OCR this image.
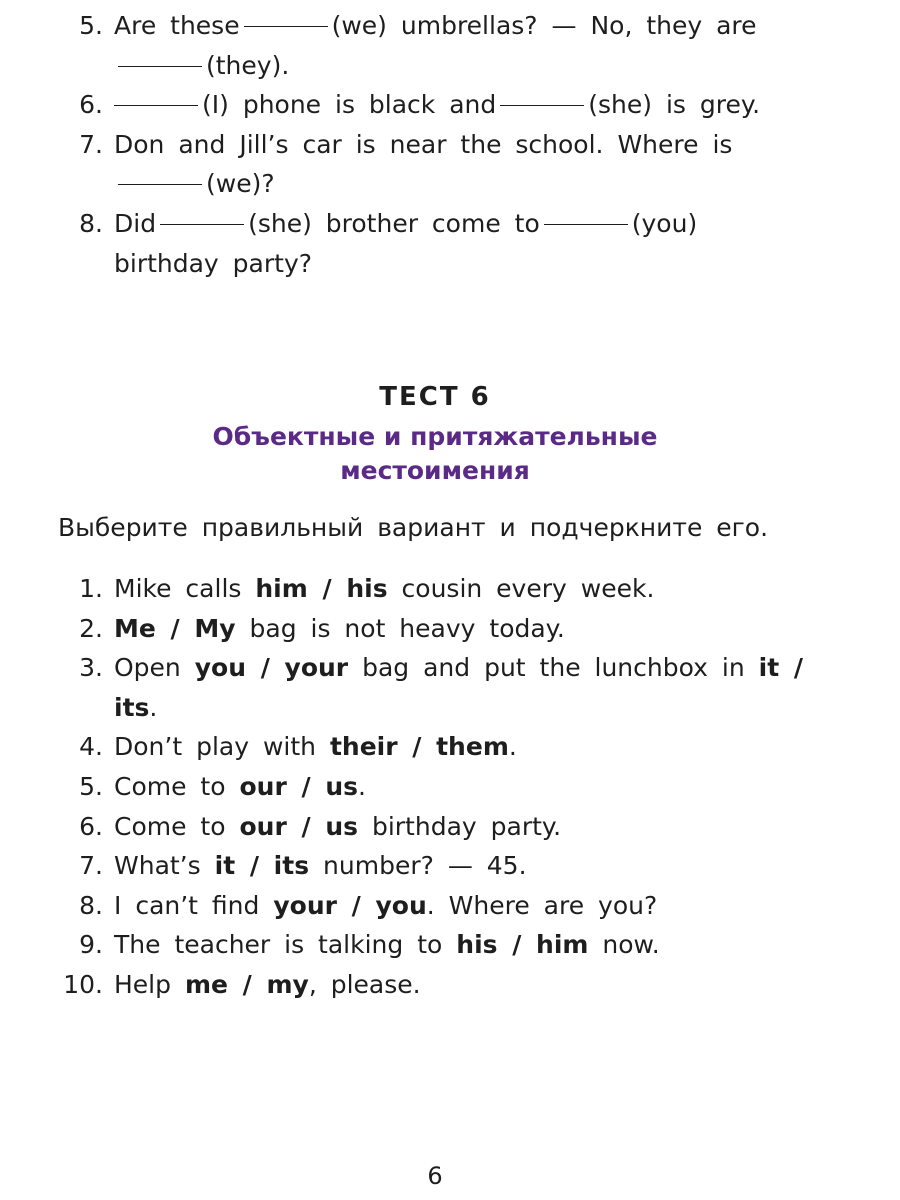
5. Are these	(we) umbrellas? — No, they are(they).
6.	(I) phone is black and	(she) is grey.
7. Don and Jill’s car is near the school. Where is(we)?
8. Did	(she) brother come to	(you) birthday party?
ТЕСТ 6
Объектные и притяжательные
местоимения
Выберите правильный вариант и подчеркните его.
1. Mike calls him / his cousin every week.
2. Me / My bag is not heavy today.
3. Open you / your bag and put the lunchbox in it / its.
4. Don’t play with their / them.
5. Come to our / us.
6. Come to our / us birthday party.
7. What’s it / its number? — 45.
8. I can’t find your / you. Where are you?
9. The teacher is talking to his / him now.
10. Help me / my, please.
6
